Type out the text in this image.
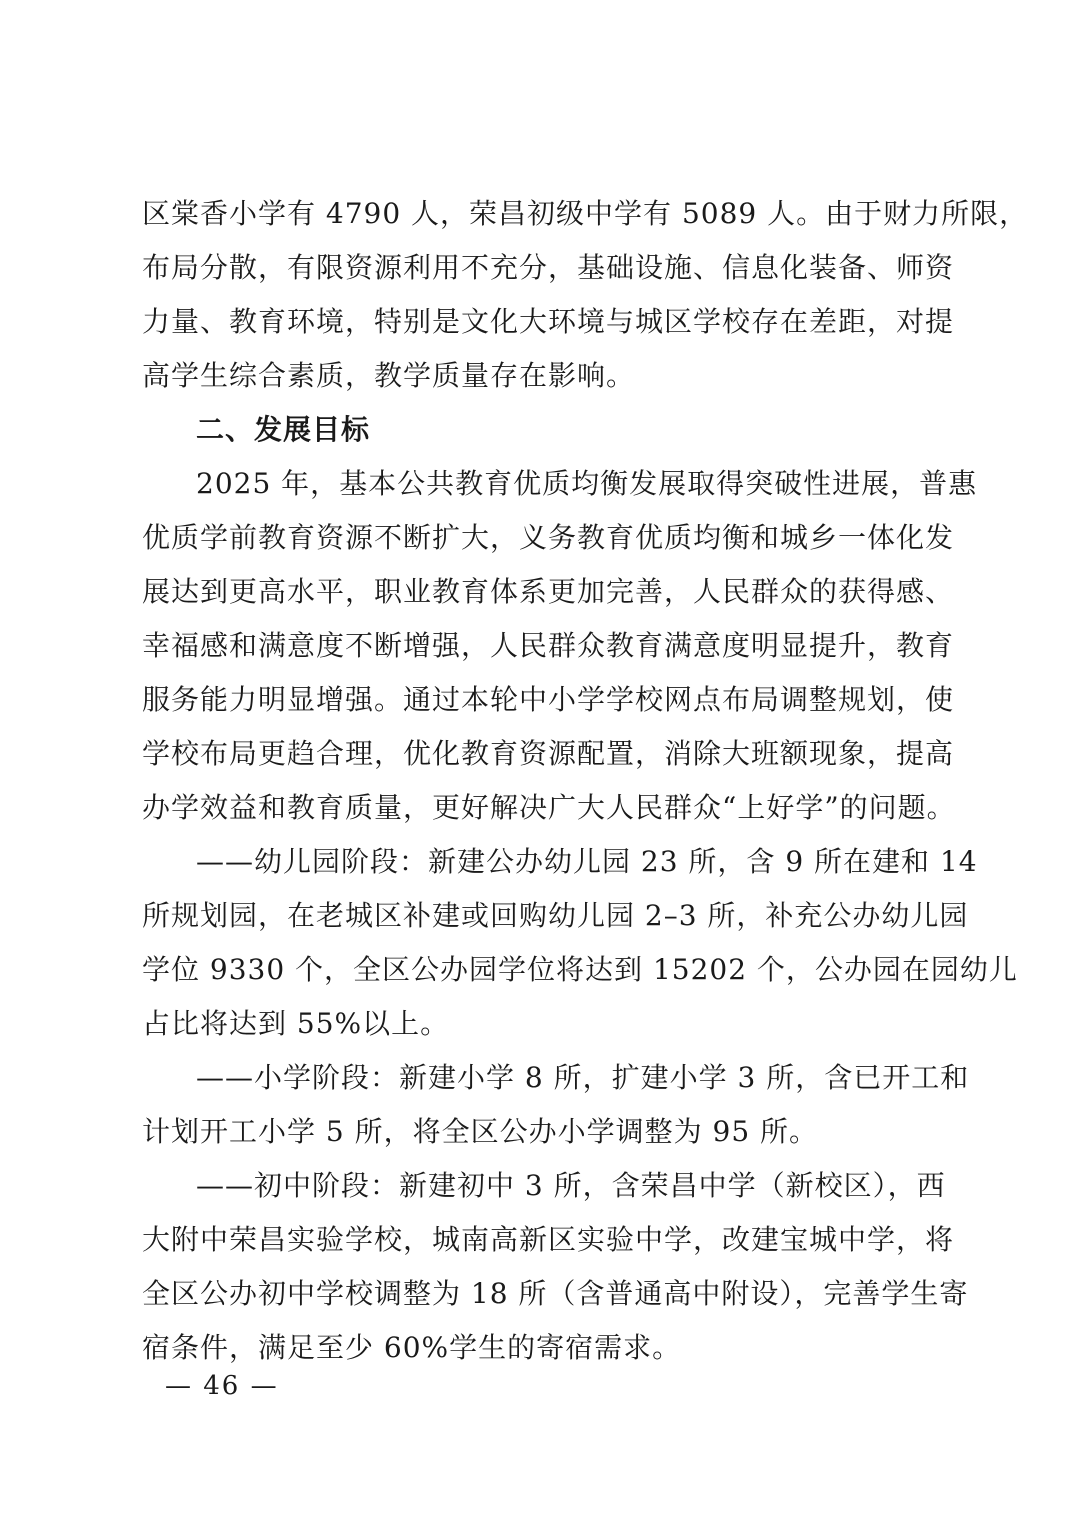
区棠香小学有 4790 人，荣昌初级中学有 5089 人。由于财力所限，
布局分散，有限资源利用不充分，基础设施、信息化装备、师资
力量、教育环境，特别是文化大环境与城区学校存在差距，对提
高学生综合素质，教学质量存在影响。
二、发展目标
2025 年，基本公共教育优质均衡发展取得突破性进展，普惠
优质学前教育资源不断扩大，义务教育优质均衡和城乡一体化发
展达到更高水平，职业教育体系更加完善，人民群众的获得感、
幸福感和满意度不断增强，人民群众教育满意度明显提升，教育
服务能力明显增强。通过本轮中小学学校网点布局调整规划，使
学校布局更趋合理，优化教育资源配置，消除大班额现象，提高
办学效益和教育质量，更好解决广大人民群众“上好学”的问题。
——幼儿园阶段：新建公办幼儿园 23 所，含 9 所在建和 14
所规划园，在老城区补建或回购幼儿园 2–3 所，补充公办幼儿园
学位 9330 个，全区公办园学位将达到 15202 个，公办园在园幼儿
占比将达到 55%以上。
——小学阶段：新建小学 8 所，扩建小学 3 所，含已开工和
计划开工小学 5 所，将全区公办小学调整为 95 所。
——初中阶段：新建初中 3 所，含荣昌中学（新校区），西
大附中荣昌实验学校，城南高新区实验中学，改建宝城中学，将
全区公办初中学校调整为 18 所（含普通高中附设），完善学生寄
宿条件，满足至少 60%学生的寄宿需求。
— 46 —
